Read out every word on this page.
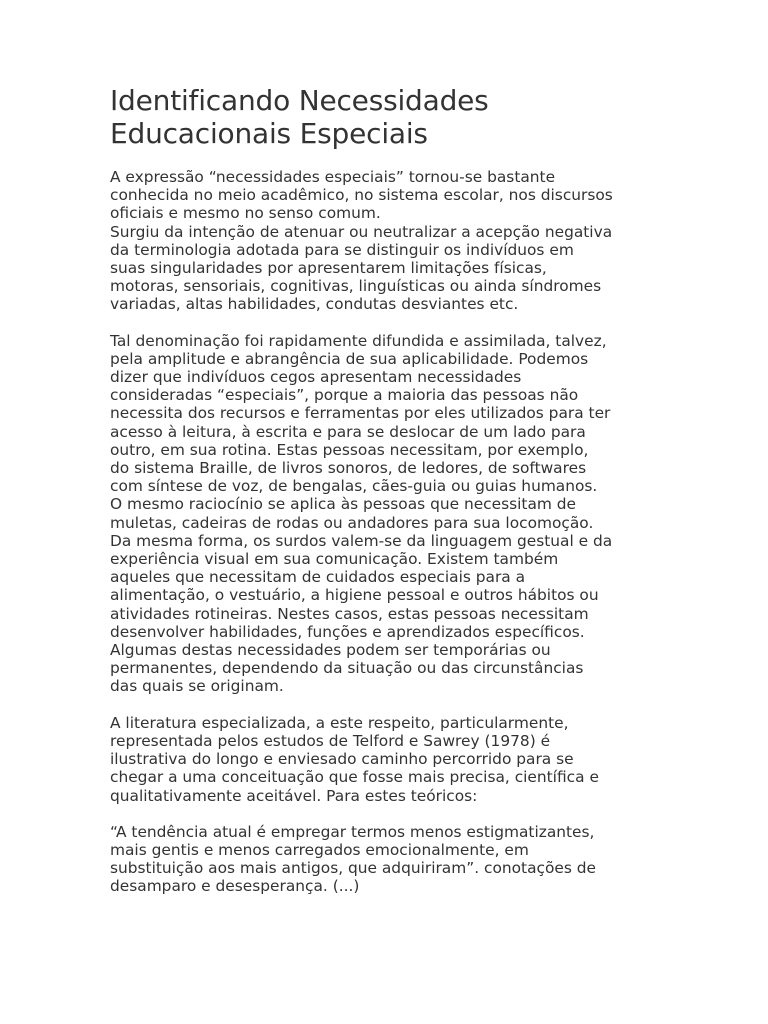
Identificando Necessidades
Educacionais Especiais

A expressão “necessidades especiais” tornou-se bastante
conhecida no meio acadêmico, no sistema escolar, nos discursos
oficiais e mesmo no senso comum.
Surgiu da intenção de atenuar ou neutralizar a acepção negativa
da terminologia adotada para se distinguir os indivíduos em
suas singularidades por apresentarem limitações físicas,
motoras, sensoriais, cognitivas, linguísticas ou ainda síndromes
variadas, altas habilidades, condutas desviantes etc.

Tal denominação foi rapidamente difundida e assimilada, talvez,
pela amplitude e abrangência de sua aplicabilidade. Podemos
dizer que indivíduos cegos apresentam necessidades
consideradas “especiais”, porque a maioria das pessoas não
necessita dos recursos e ferramentas por eles utilizados para ter
acesso à leitura, à escrita e para se deslocar de um lado para
outro, em sua rotina. Estas pessoas necessitam, por exemplo,
do sistema Braille, de livros sonoros, de ledores, de softwares
com síntese de voz, de bengalas, cães-guia ou guias humanos.
O mesmo raciocínio se aplica às pessoas que necessitam de
muletas, cadeiras de rodas ou andadores para sua locomoção.
Da mesma forma, os surdos valem-se da linguagem gestual e da
experiência visual em sua comunicação. Existem também
aqueles que necessitam de cuidados especiais para a
alimentação, o vestuário, a higiene pessoal e outros hábitos ou
atividades rotineiras. Nestes casos, estas pessoas necessitam
desenvolver habilidades, funções e aprendizados específicos.
Algumas destas necessidades podem ser temporárias ou
permanentes, dependendo da situação ou das circunstâncias
das quais se originam.

A literatura especializada, a este respeito, particularmente,
representada pelos estudos de Telford e Sawrey (1978) é
ilustrativa do longo e enviesado caminho percorrido para se
chegar a uma conceituação que fosse mais precisa, científica e
qualitativamente aceitável. Para estes teóricos:

“A tendência atual é empregar termos menos estigmatizantes,
mais gentis e menos carregados emocionalmente, em
substituição aos mais antigos, que adquiriram”. conotações de
desamparo e desesperança. (...)
